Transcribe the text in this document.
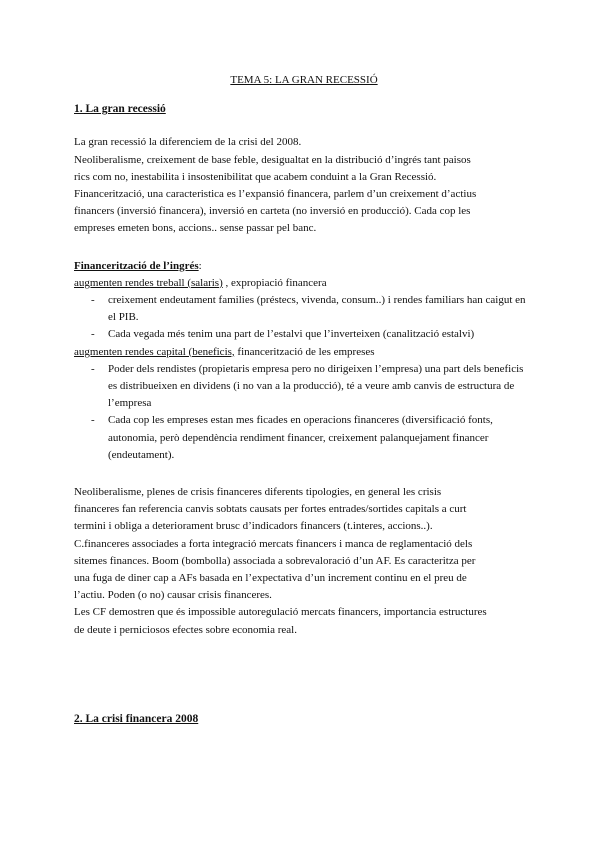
TEMA 5: LA GRAN RECESSIÓ

1. La gran recessió

La gran recessió la diferenciem de la crisi del 2008.

Neoliberalisme, creixement de base feble, desigualtat en la distribució d’ingrés tant paisos

rics com no, inestabilita i insostenibilitat que acabem conduint a la Gran Recessió.

Financerització, una caracteristica es l’expansió financera, parlem d’un creixement d’actius

financers (inversió financera), inversió en carteta (no inversió en producció). Cada cop les

empreses emeten bons, accions.. sense passar pel banc.

Financerització de l’ingrés:

augmenten rendes treball (salaris) , expropiació financera

- creixement endeutament families (préstecs, vivenda, consum..) i rendes familiars han caigut en el PIB.
- Cada vegada més tenim una part de l’estalvi que l’inverteixen (canalització estalvi)

augmenten rendes capital (beneficis, financerització de les empreses

- Poder dels rendistes (propietaris empresa pero no dirigeixen l’empresa) una part dels beneficis es distribueixen en dividens (i no van a la producció), té a veure amb canvis de estructura de l’empresa
- Cada cop les empreses estan mes ficades en operacions financeres (diversificació fonts, autonomia, però dependència rendiment financer, creixement palanquejament financer (endeutament).

Neoliberalisme, plenes de crisis financeres diferents tipologies, en general les crisis

financeres fan referencia canvis sobtats causats per fortes entrades/sortides capitals a curt

termini i obliga a deteriorament brusc d’indicadors financers (t.interes, accions..).

C.financeres associades a forta integració mercats financers i manca de reglamentació dels

sitemes finances. Boom (bombolla) associada a sobrevaloració d’un AF. Es caracteritza per

una fuga de diner cap a AFs basada en l’expectativa d’un increment continu en el preu de

l’actiu. Poden (o no) causar crisis financeres.

Les CF demostren que és impossible autoregulació mercats financers, importancia estructures

de deute i perniciosos efectes sobre economia real.

2. La crisi financera 2008
